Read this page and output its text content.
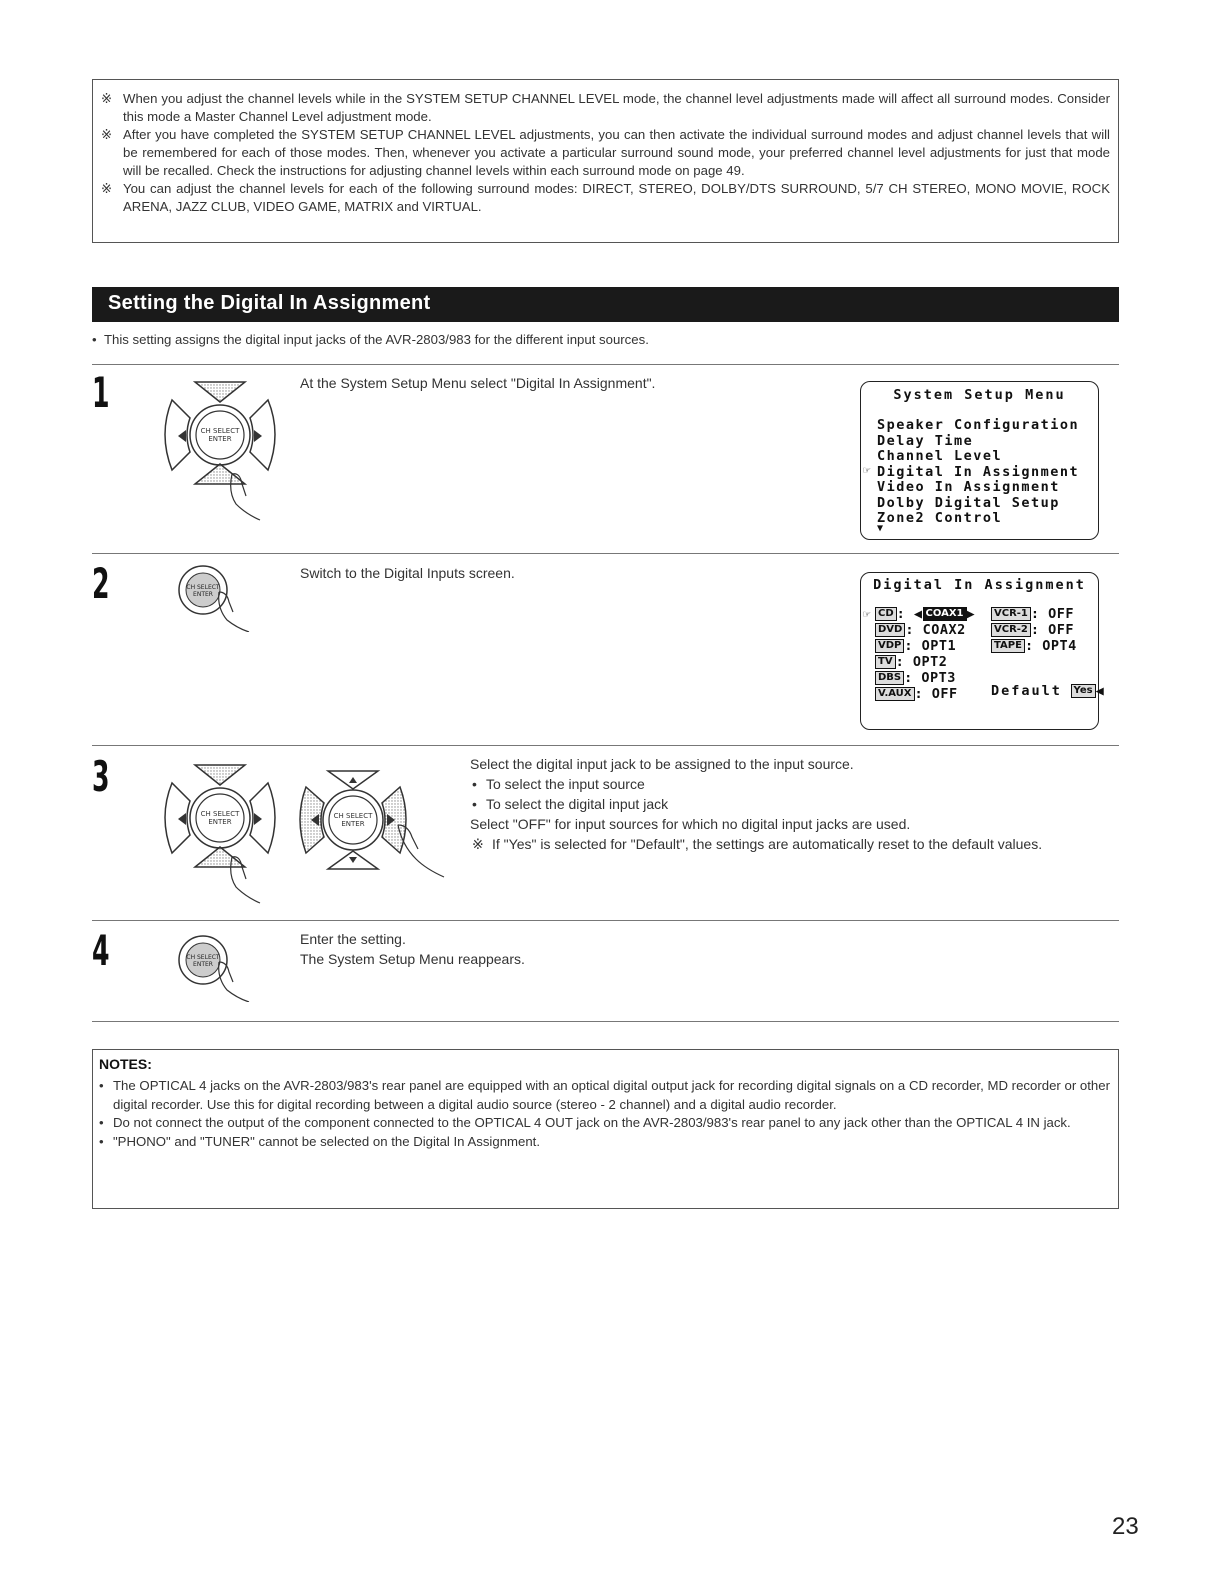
※ When you adjust the channel levels while in the SYSTEM SETUP CHANNEL LEVEL mode, the channel level adjustments made will affect all surround modes. Consider this mode a Master Channel Level adjustment mode.
※ After you have completed the SYSTEM SETUP CHANNEL LEVEL adjustments, you can then activate the individual surround modes and adjust channel levels that will be remembered for each of those modes. Then, whenever you activate a particular surround sound mode, your preferred channel level adjustments for just that mode will be recalled. Check the instructions for adjusting channel levels within each surround mode on page 49.
※ You can adjust the channel levels for each of the following surround modes: DIRECT, STEREO, DOLBY/DTS SURROUND, 5/7 CH STEREO, MONO MOVIE, ROCK ARENA, JAZZ CLUB, VIDEO GAME, MATRIX and VIRTUAL.
Setting the Digital In Assignment
•  This setting assigns the digital input jacks of the AVR-2803/983 for the different input sources.
1
CH SELECT
ENTER
At the System Setup Menu select "Digital In Assignment".
System Setup Menu
Speaker Configuration
Delay Time
Channel Level
Digital In Assignment
Video In Assignment
Dolby Digital Setup
Zone2 Control
☞
▼
2	CH SELECT
ENTER
Switch to the Digital Inputs screen.
Digital In Assignment
☞ CD : ◀ COAX1 ▶
DVD : COAX2
VDP : OPT1
TV : OPT2
DBS : OPT3
V.AUX : OFF
VCR-1 : OFF
VCR-2 : OFF
TAPE : OPT4
Default Yes ◀
3
CH SELECT
ENTER
CH SELECT
ENTER

Select the digital input jack to be assigned to the input source.

• To select the input source

• To select the digital input jack

Select "OFF" for input sources for which no digital input jacks are used.

※ If "Yes" is selected for "Default", the settings are automatically reset to the default values.

4	CH SELECT
ENTER

Enter the setting.

The System Setup Menu reappears.

NOTES:
• The OPTICAL 4 jacks on the AVR-2803/983's rear panel are equipped with an optical digital output jack for recording digital signals on a CD recorder, MD recorder or other digital recorder. Use this for digital recording between a digital audio source (stereo - 2 channel) and a digital audio recorder.
• Do not connect the output of the component connected to the OPTICAL 4 OUT jack on the AVR-2803/983's rear panel to any jack other than the OPTICAL 4 IN jack.
• "PHONO" and "TUNER" cannot be selected on the Digital In Assignment.
23
